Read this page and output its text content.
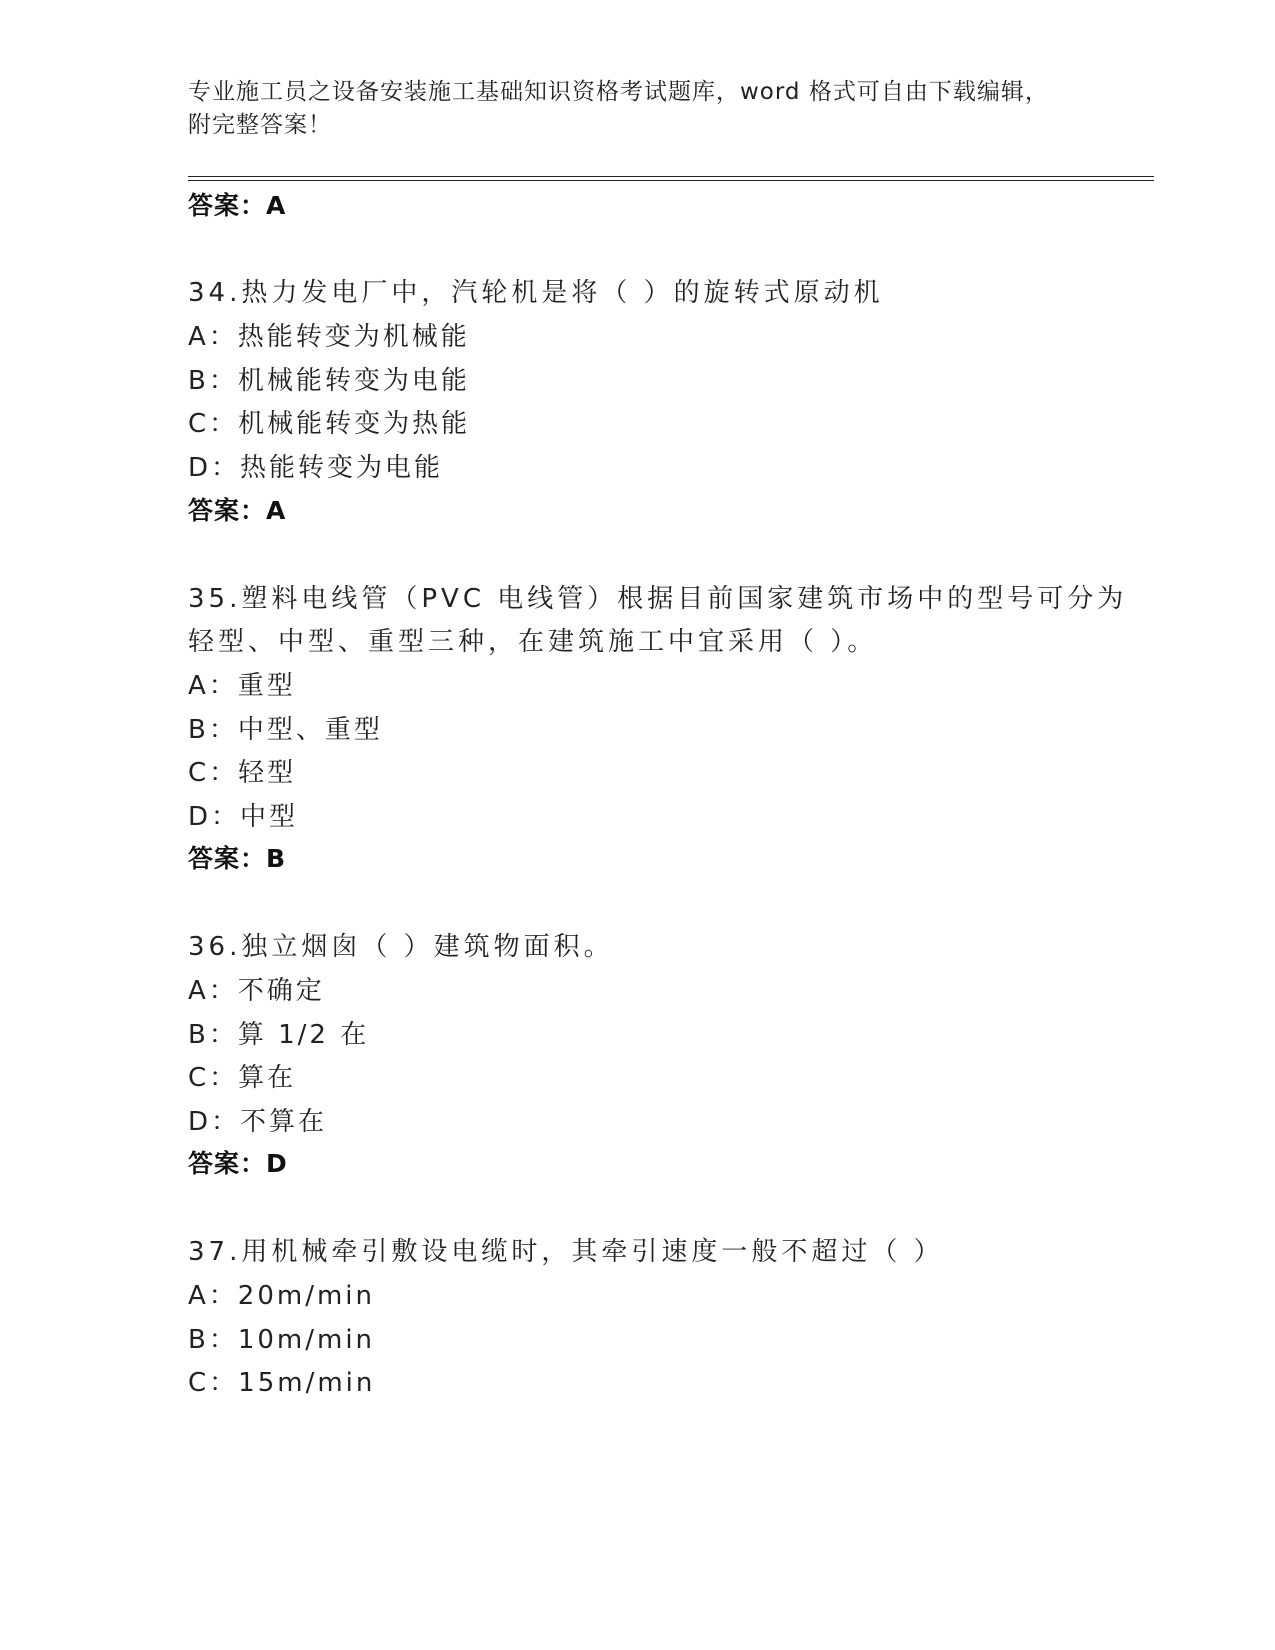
专业施工员之设备安装施工基础知识资格考试题库，word 格式可自由下载编辑，
附完整答案！
答案：A
34.热力发电厂中，汽轮机是将（ ）的旋转式原动机
A：热能转变为机械能
B：机械能转变为电能
C：机械能转变为热能
D：热能转变为电能
答案：A
35.塑料电线管（PVC 电线管）根据目前国家建筑市场中的型号可分为
轻型、中型、重型三种，在建筑施工中宜采用（ ）。
A：重型
B：中型、重型
C：轻型
D：中型
答案：B
36.独立烟囱（ ）建筑物面积。
A：不确定
B：算 1/2 在
C：算在
D：不算在
答案：D
37.用机械牵引敷设电缆时，其牵引速度一般不超过（ ）
A：20m/min
B：10m/min
C：15m/min
